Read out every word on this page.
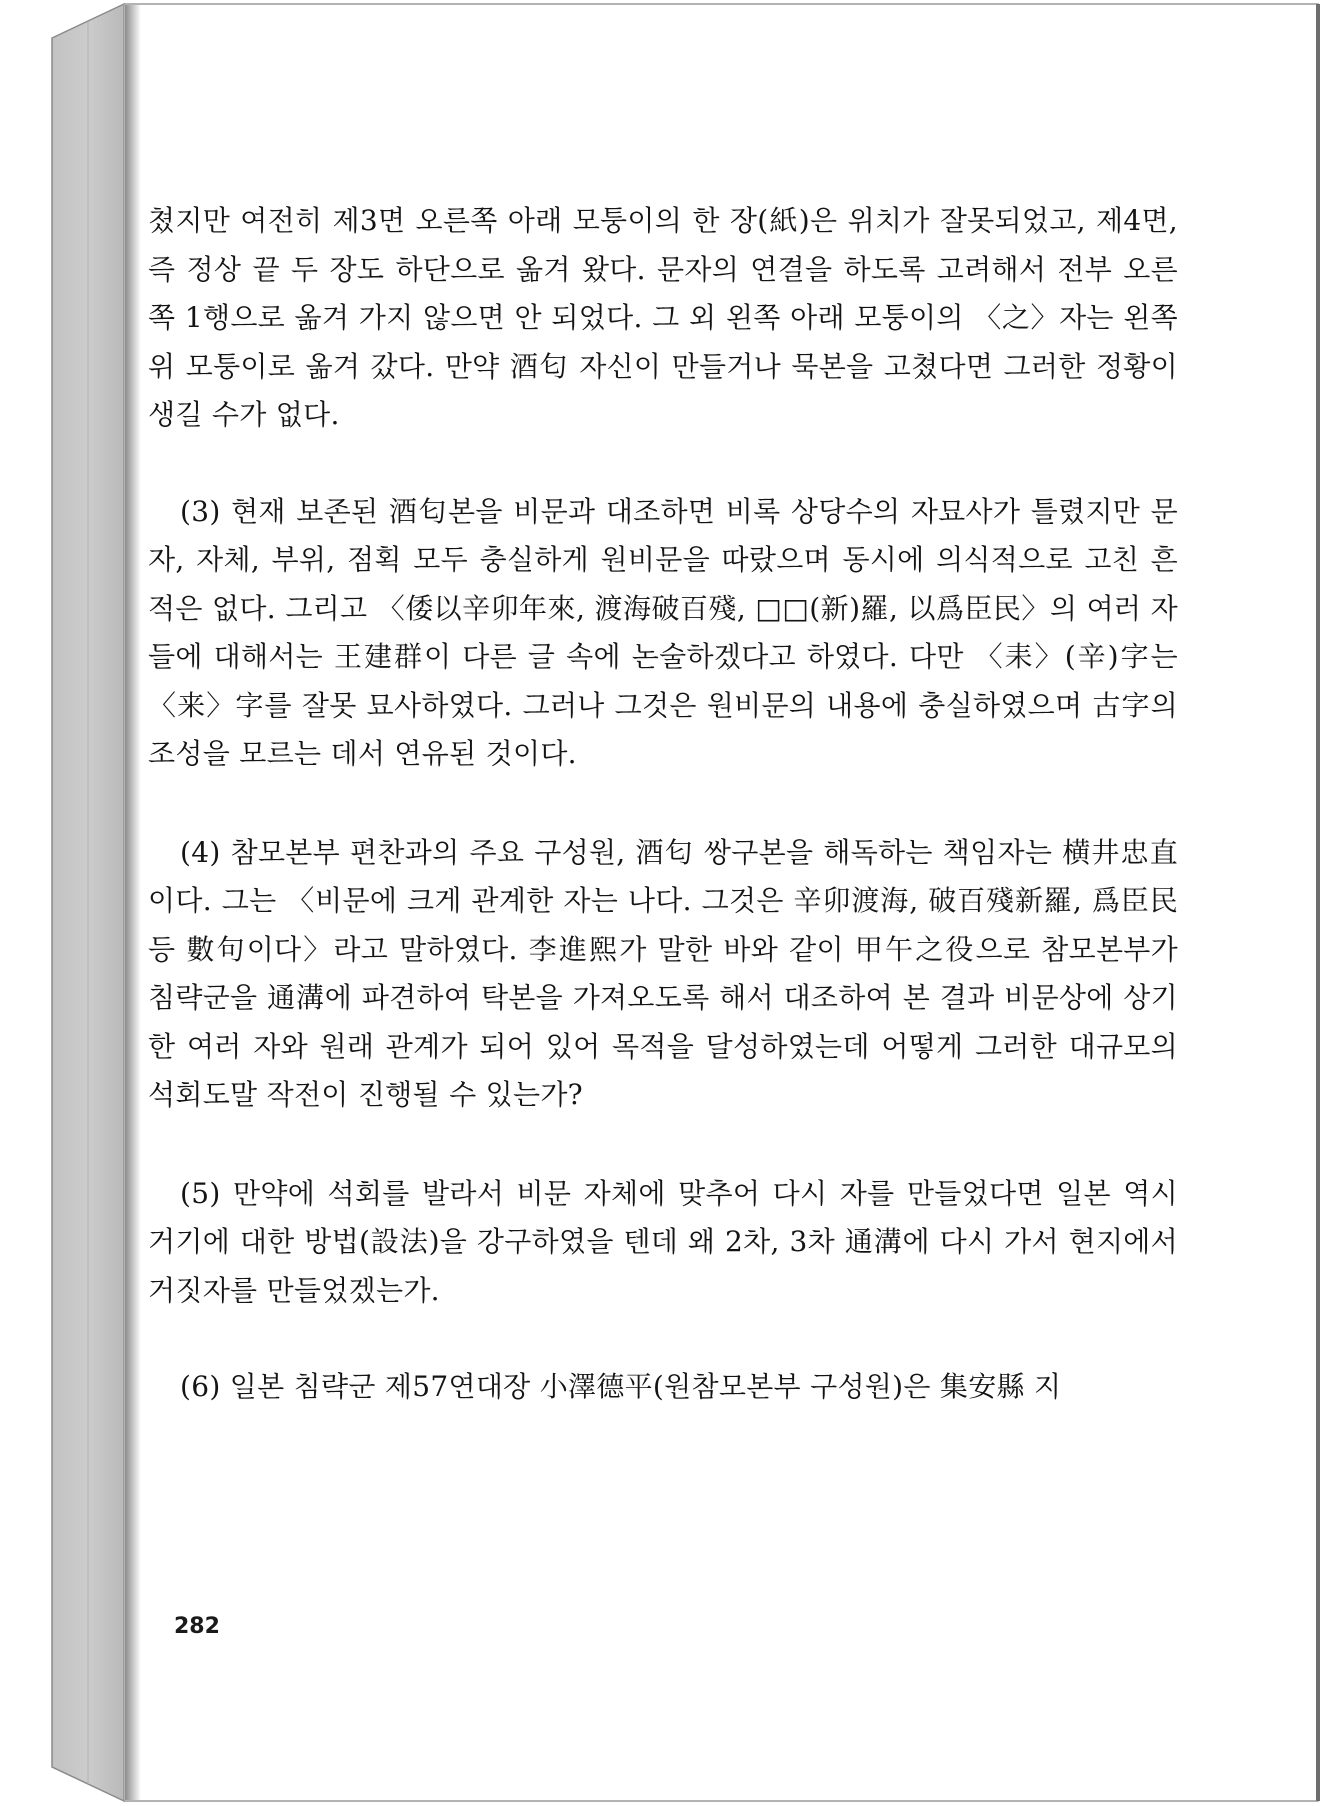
쳤지만 여전히 제3면 오른쪽 아래 모퉁이의 한 장(紙)은 위치가 잘못되었고, 제4면, 즉 정상 끝 두 장도 하단으로 옮겨 왔다. 문자의 연결을 하도록 고려해서 전부 오른쪽 1행으로 옮겨 가지 않으면 안 되었다. 그 외 왼쪽 아래 모퉁이의 〈之〉자는 왼쪽 위 모퉁이로 옮겨 갔다. 만약 酒匂 자신이 만들거나 묵본을 고쳤다면 그러한 정황이 생길 수가 없다.

(3) 현재 보존된 酒匂본을 비문과 대조하면 비록 상당수의 자묘사가 틀렸지만 문자, 자체, 부위, 점획 모두 충실하게 원비문을 따랐으며 동시에 의식적으로 고친 흔적은 없다. 그리고 〈倭以辛卯年來, 渡海破百殘, □□(新)羅, 以爲臣民〉의 여러 자들에 대해서는 王建群이 다른 글 속에 논술하겠다고 하였다. 다만 〈耒〉(辛)字는 〈来〉字를 잘못 묘사하였다. 그러나 그것은 원비문의 내용에 충실하였으며 古字의 조성을 모르는 데서 연유된 것이다.

(4) 참모본부 편찬과의 주요 구성원, 酒匂 쌍구본을 해독하는 책임자는 横井忠直이다. 그는 〈비문에 크게 관계한 자는 나다. 그것은 辛卯渡海, 破百殘新羅, 爲臣民 등 數句이다〉라고 말하였다. 李進熙가 말한 바와 같이 甲午之役으로 참모본부가 침략군을 通溝에 파견하여 탁본을 가져오도록 해서 대조하여 본 결과 비문상에 상기한 여러 자와 원래 관계가 되어 있어 목적을 달성하였는데 어떻게 그러한 대규모의 석회도말 작전이 진행될 수 있는가?

(5) 만약에 석회를 발라서 비문 자체에 맞추어 다시 자를 만들었다면 일본 역시 거기에 대한 방법(設法)을 강구하였을 텐데 왜 2차, 3차 通溝에 다시 가서 현지에서 거짓자를 만들었겠는가.

(6) 일본 침략군 제57연대장 小澤德平(원참모본부 구성원)은 集安縣 지

282
